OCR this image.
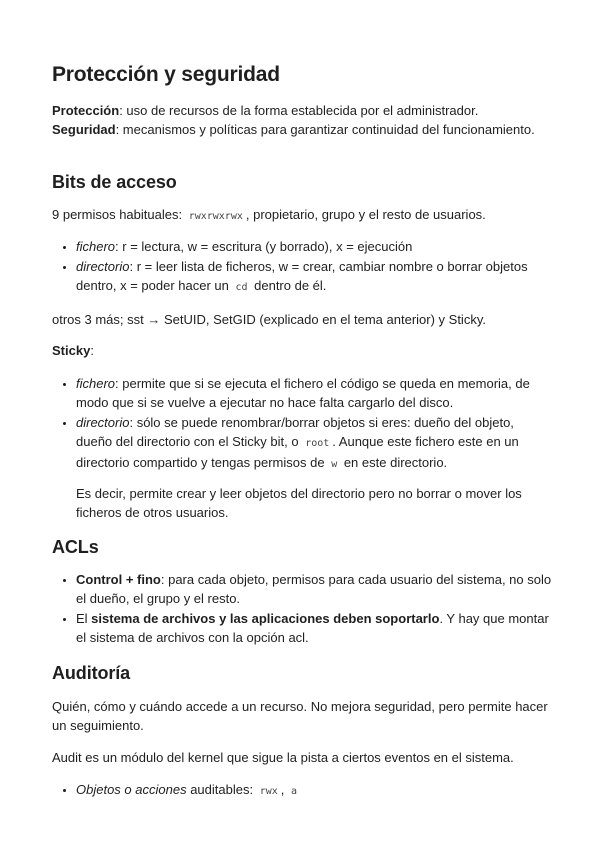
Protección y seguridad

Protección: uso de recursos de la forma establecida por el administrador.
Seguridad: mecanismos y políticas para garantizar continuidad del funcionamiento.

Bits de acceso

9 permisos habituales: rwxrwxrwx , propietario, grupo y el resto de usuarios.

• fichero: r = lectura, w = escritura (y borrado), x = ejecución
• directorio: r = leer lista de ficheros, w = crear, cambiar nombre o borrar objetos dentro, x = poder hacer un cd dentro de él.

otros 3 más; sst → SetUID, SetGID (explicado en el tema anterior) y Sticky.

Sticky:

• fichero: permite que si se ejecuta el fichero el código se queda en memoria, de modo que si se vuelve a ejecutar no hace falta cargarlo del disco.
• directorio: sólo se puede renombrar/borrar objetos si eres: dueño del objeto, dueño del directorio con el Sticky bit, o root . Aunque este fichero este en un directorio compartido y tengas permisos de w en este directorio.

Es decir, permite crear y leer objetos del directorio pero no borrar o mover los ficheros de otros usuarios.

ACLs
• Control + fino: para cada objeto, permisos para cada usuario del sistema, no solo el dueño, el grupo y el resto.
• El sistema de archivos y las aplicaciones deben soportarlo. Y hay que montar el sistema de archivos con la opción acl.
Auditoría

Quién, cómo y cuándo accede a un recurso. No mejora seguridad, pero permite hacer un seguimiento.

Audit es un módulo del kernel que sigue la pista a ciertos eventos en el sistema.

• Objetos o acciones auditables: rwx , a
